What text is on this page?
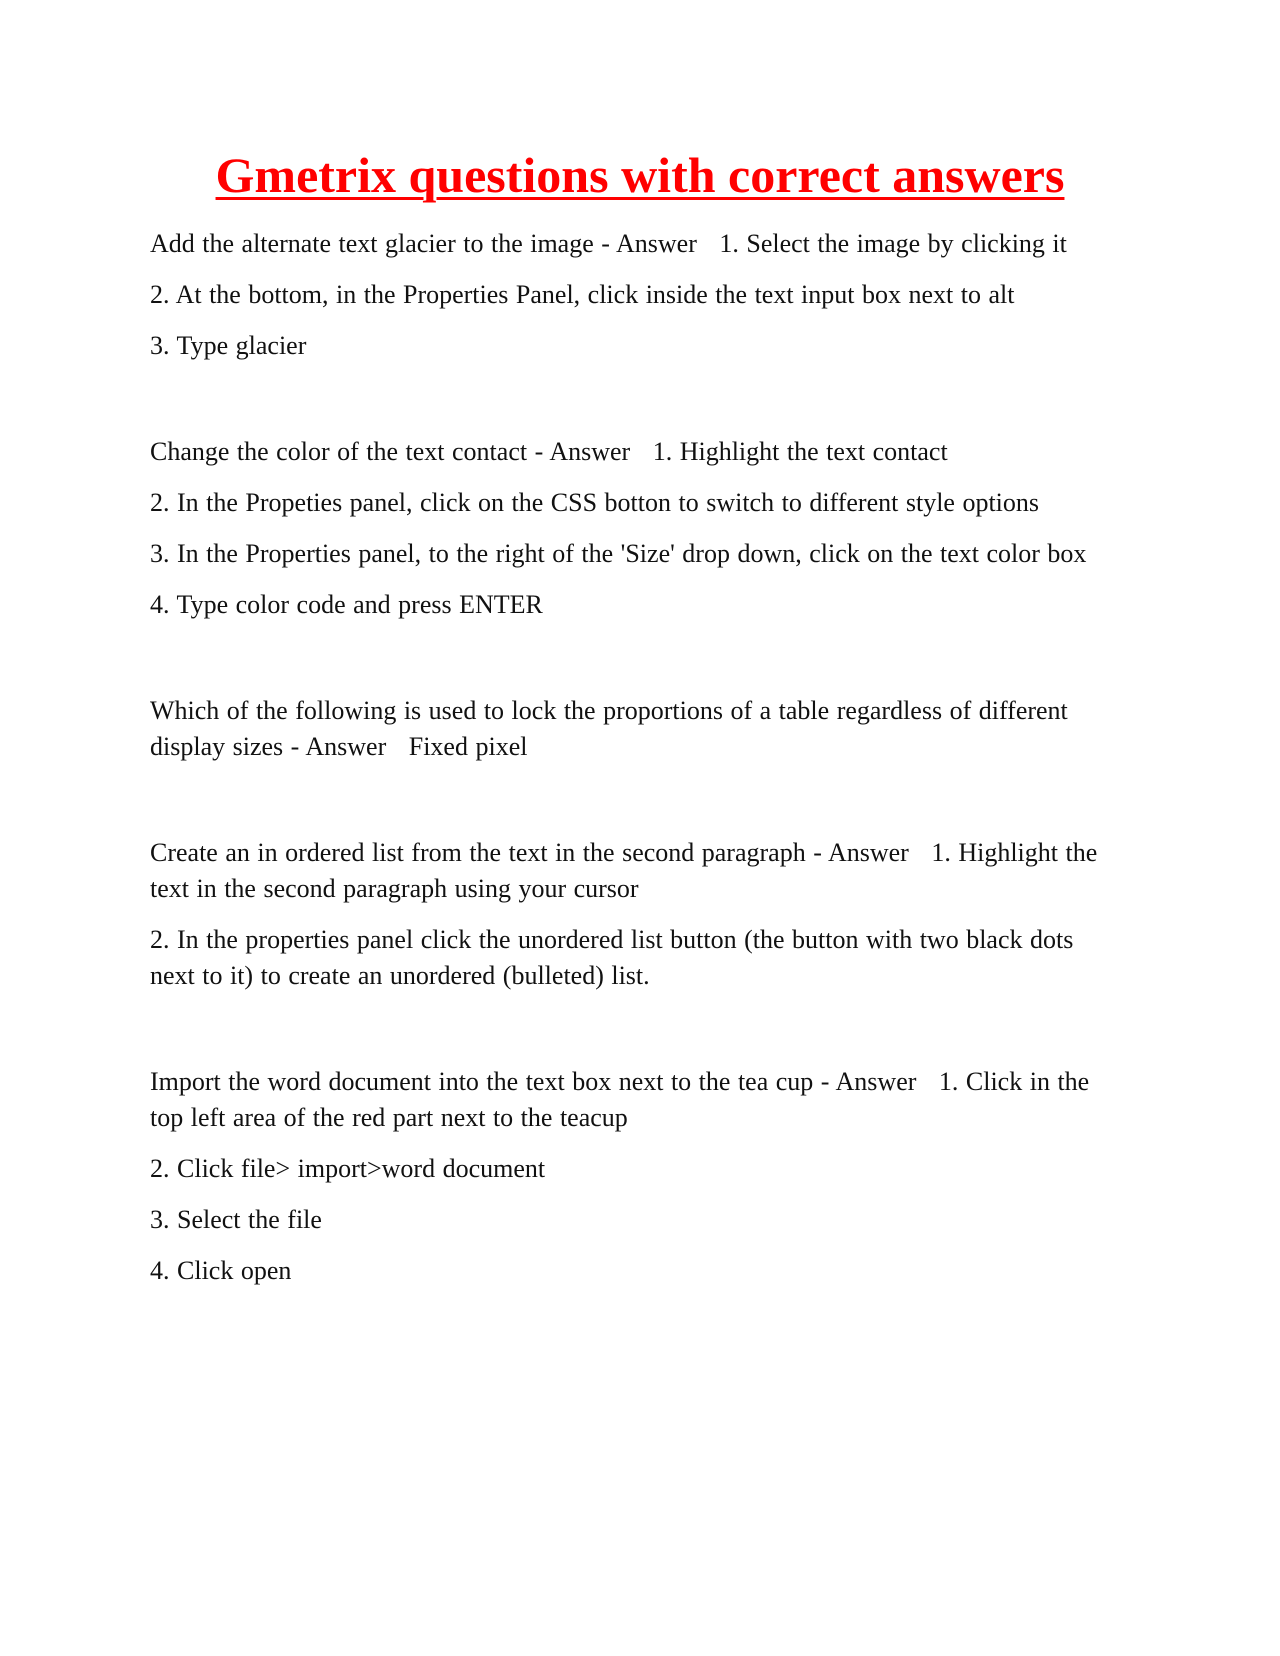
Gmetrix questions with correct answers

Add the alternate text glacier to the image - Answer 1. Select the image by clicking it

2. At the bottom, in the Properties Panel, click inside the text input box next to alt

3. Type glacier

Change the color of the text contact - Answer 1. Highlight the text contact

2. In the Propeties panel, click on the CSS botton to switch to different style options

3. In the Properties panel, to the right of the 'Size' drop down, click on the text color box

4. Type color code and press ENTER

Which of the following is used to lock the proportions of a table regardless of different display sizes - Answer Fixed pixel

Create an in ordered list from the text in the second paragraph - Answer 1. Highlight the text in the second paragraph using your cursor

2. In the properties panel click the unordered list button (the button with two black dots next to it) to create an unordered (bulleted) list.

Import the word document into the text box next to the tea cup - Answer 1. Click in the top left area of the red part next to the teacup

2. Click file> import>word document

3. Select the file

4. Click open
